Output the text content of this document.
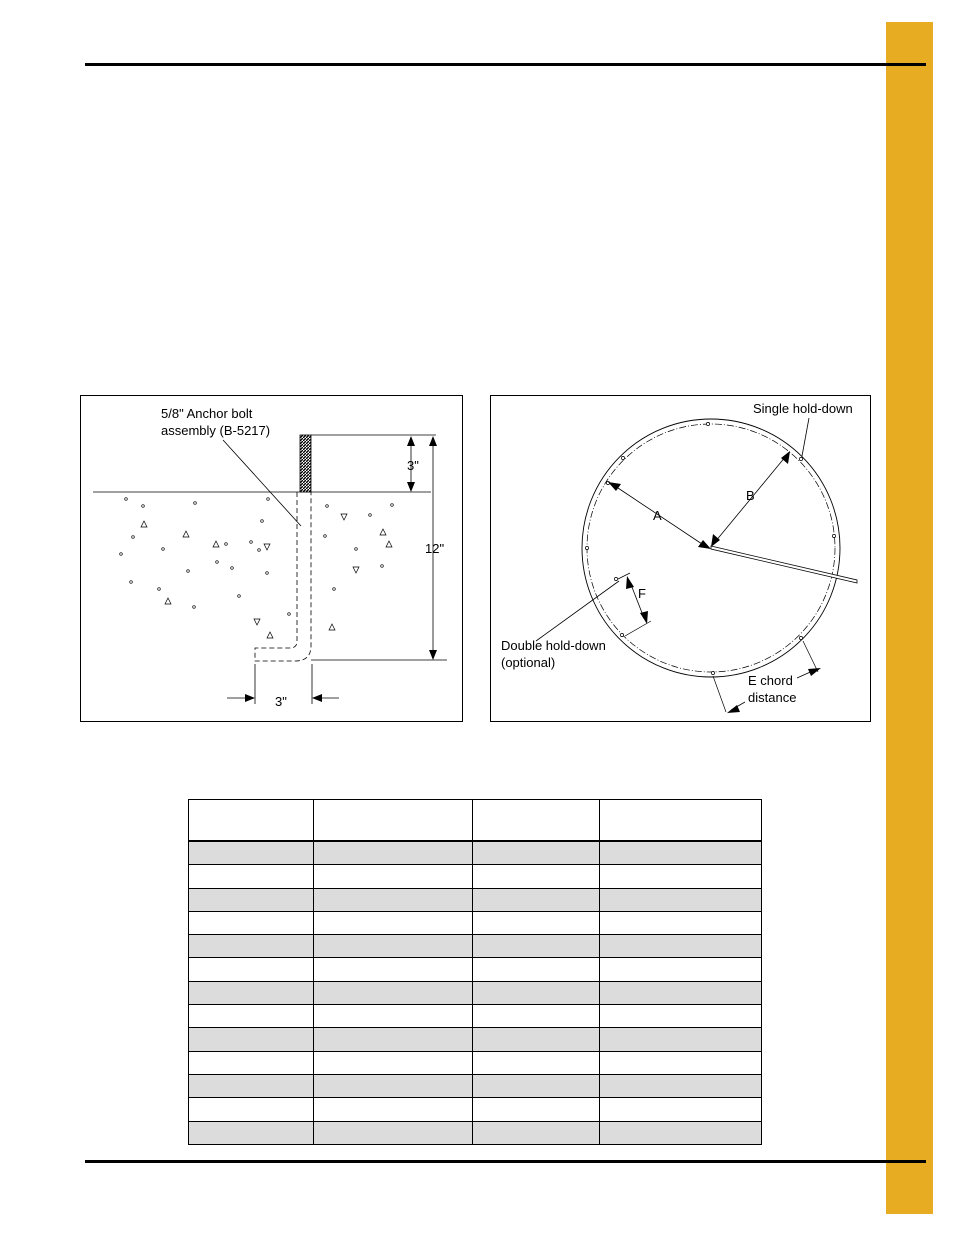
5/8" Anchor bolt
assembly (B-5217)
3"
12"
3"
Single hold-down
A
B
F
Double hold-down
(optional)
E chord
distance
